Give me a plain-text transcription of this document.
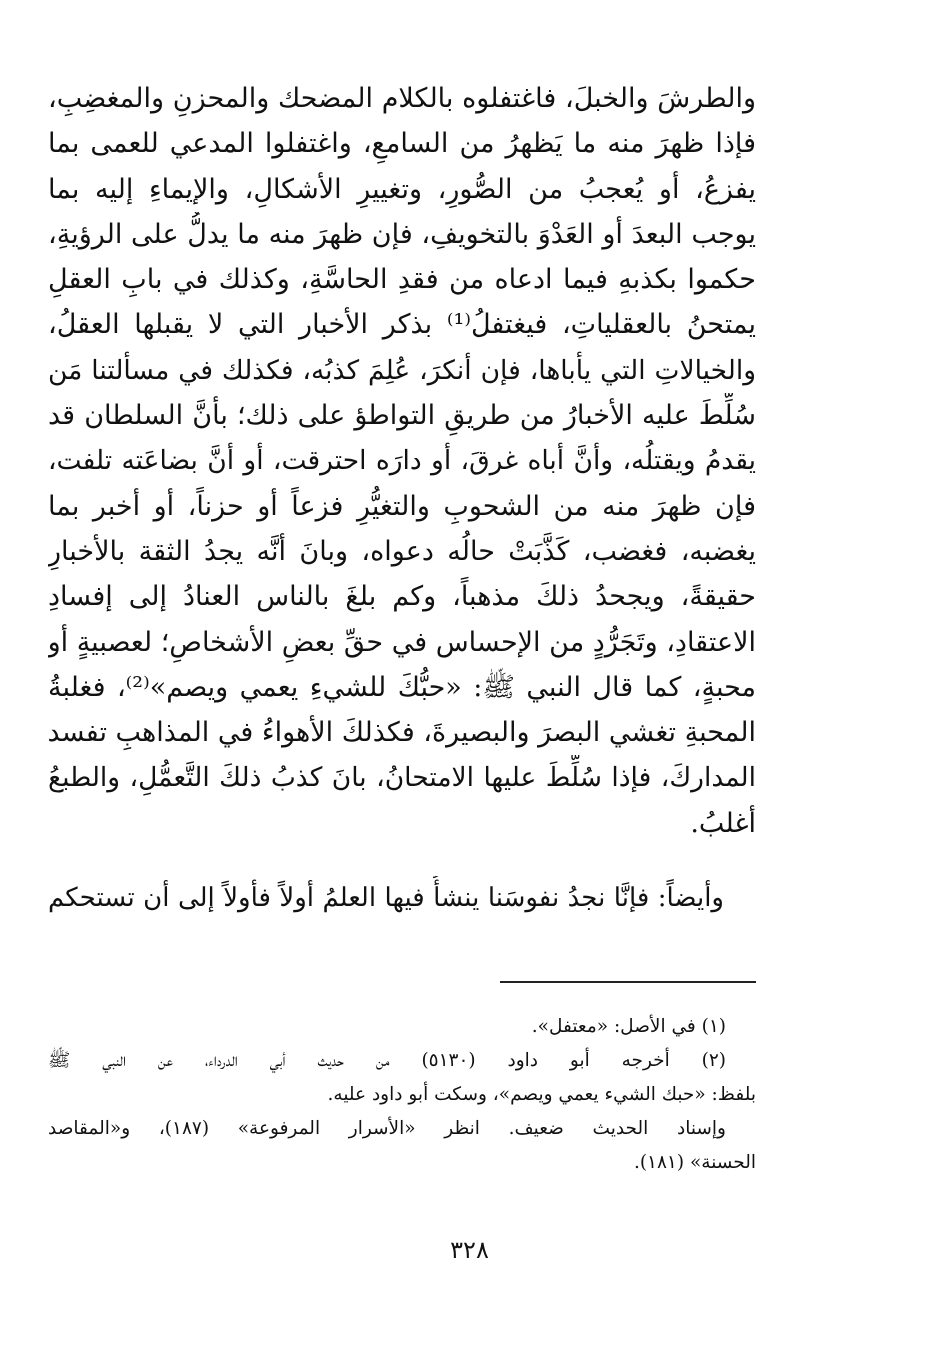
والطرشَ والخبلَ، فاغتفلوه بالكلام المضحك والمحزنِ والمغضِبِ،
فإذا ظهرَ منه ما يَظهرُ من السامعِ، واغتفلوا المدعي للعمى بما
يفزعُ، أو يُعجبُ من الصُّورِ، وتغييرِ الأشكالِ، والإيماءِ إليه بما
يوجب البعدَ أو العَدْوَ بالتخويفِ، فإن ظهرَ منه ما يدلُّ على الرؤيةِ،
حكموا بكذبهِ فيما ادعاه من فقدِ الحاسَّةِ، وكذلك في بابِ العقلِ
يمتحنُ بالعقلياتِ، فيغتفلُ⁽¹⁾ بذكر الأخبار التي لا يقبلها العقلُ،
والخيالاتِ التي يأباها، فإن أنكرَ، عُلِمَ كذبُه، فكذلك في مسألتنا مَن
سُلِّطَ عليه الأخبارُ من طريقِ التواطؤ على ذلك؛ بأنَّ السلطان قد
يقدمُ ويقتلُه، وأنَّ أباه غرقَ، أو دارَه احترقت، أو أنَّ بضاعَته تلفت،
فإن ظهرَ منه من الشحوبِ والتغيُّرِ فزعاً أو حزناً، أو أخبر بما
يغضبه، فغضب، كَذَّبَتْ حالُه دعواه، وبانَ أنَّه يجدُ الثقة بالأخبارِ
حقيقةً، ويجحدُ ذلكَ مذهباً، وكم بلغَ بالناس العنادُ إلى إفسادِ
الاعتقادِ، وتَجَرُّدٍ من الإحساس في حقِّ بعضِ الأشخاصِ؛ لعصبيةٍ أو
محبةٍ، كما قال النبي ﷺ: «حبُّكَ للشيءِ يعمي ويصم»⁽²⁾، فغلبةُ
المحبةِ تغشي البصرَ والبصيرةَ، فكذلكَ الأهواءُ في المذاهبِ تفسد
المداركَ، فإذا سُلِّطَ عليها الامتحانُ، بانَ كذبُ ذلكَ التَّعمُّلِ، والطبعُ
أغلبُ.
وأيضاً: فإنَّا نجدُ نفوسَنا ينشأُ فيها العلمُ أولاً فأولاً إلى أن تستحكم
(١) في الأصل: «معتفل».
(٢) أخرجه أبو داود (٥١٣٠) من حديث أبي الدرداء، عن النبي ﷺ
بلفظ: «حبك الشيء يعمي ويصم»، وسكت أبو داود عليه.
وإسناد الحديث ضعيف. انظر «الأسرار المرفوعة» (١٨٧)، و«المقاصد
الحسنة» (١٨١).
٣٢٨
